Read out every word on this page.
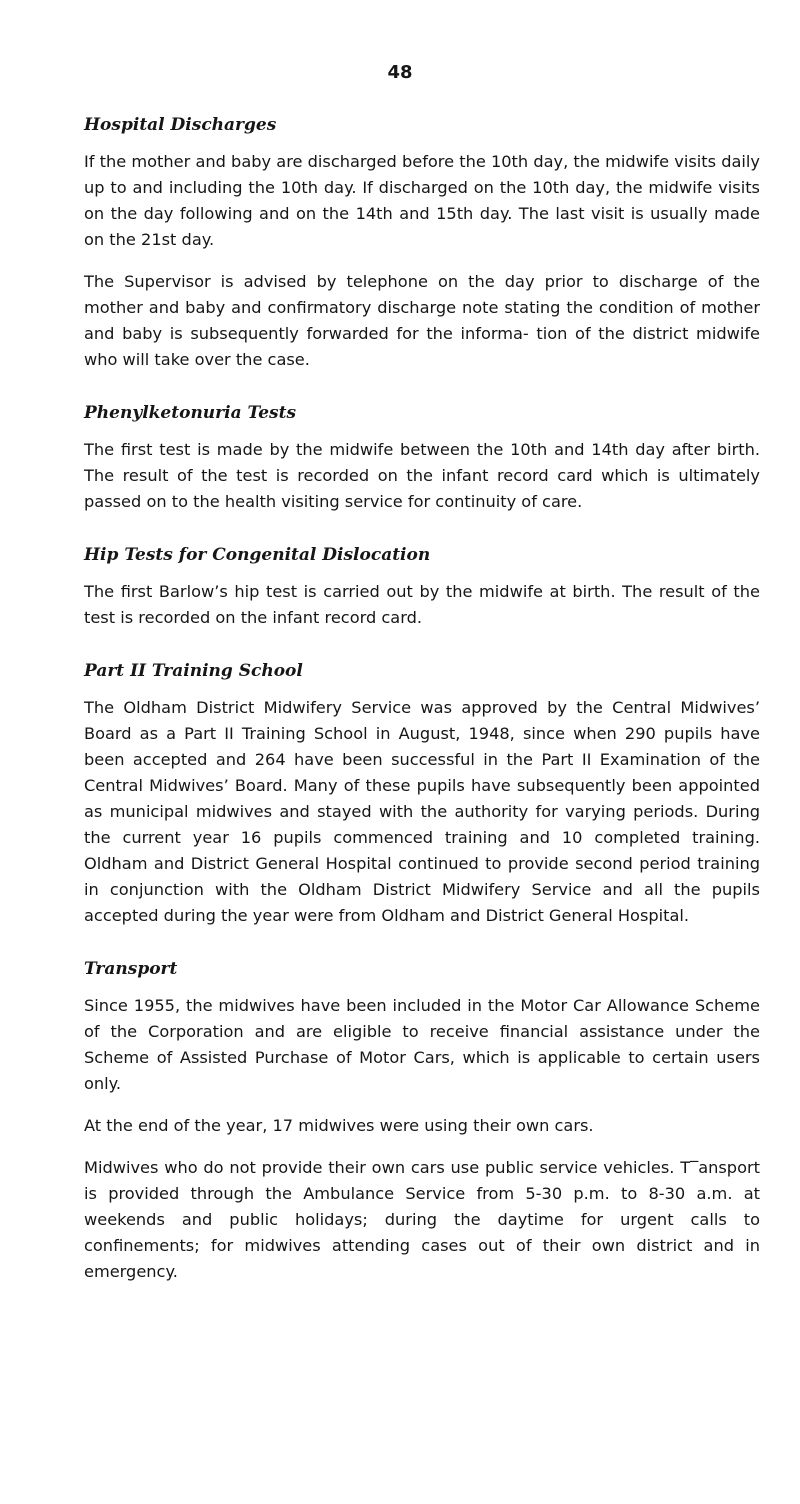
48
Hospital Discharges

If the mother and baby are discharged before the 10th day, the midwife visits daily up to and including the 10th day. If discharged on the 10th day, the midwife visits on the day following and on the 14th and 15th day. The last visit is usually made on the 21st day.

The Supervisor is advised by telephone on the day prior to discharge of the mother and baby and confirmatory discharge note stating the condition of mother and baby is subsequently forwarded for the informa- tion of the district midwife who will take over the case.

Phenylketonuria Tests

The first test is made by the midwife between the 10th and 14th day after birth. The result of the test is recorded on the infant record card which is ultimately passed on to the health visiting service for continuity of care.

Hip Tests for Congenital Dislocation

The first Barlow’s hip test is carried out by the midwife at birth. The result of the test is recorded on the infant record card.

Part II Training School

The Oldham District Midwifery Service was approved by the Central Midwives’ Board as a Part II Training School in August, 1948, since when 290 pupils have been accepted and 264 have been successful in the Part II Examination of the Central Midwives’ Board. Many of these pupils have subsequently been appointed as municipal midwives and stayed with the authority for varying periods. During the current year 16 pupils commenced training and 10 completed training. Oldham and District General Hospital continued to provide second period training in conjunction with the Oldham District Midwifery Service and all the pupils accepted during the year were from Oldham and District General Hospital.

Transport

Since 1955, the midwives have been included in the Motor Car Allowance Scheme of the Corporation and are eligible to receive financial assistance under the Scheme of Assisted Purchase of Motor Cars, which is applicable to certain users only.

At the end of the year, 17 midwives were using their own cars.

Midwives who do not provide their own cars use public service vehicles. T‾ansport is provided through the Ambulance Service from 5-30 p.m. to 8-30 a.m. at weekends and public holidays; during the daytime for urgent calls to confinements; for midwives attending cases out of their own district and in emergency.
